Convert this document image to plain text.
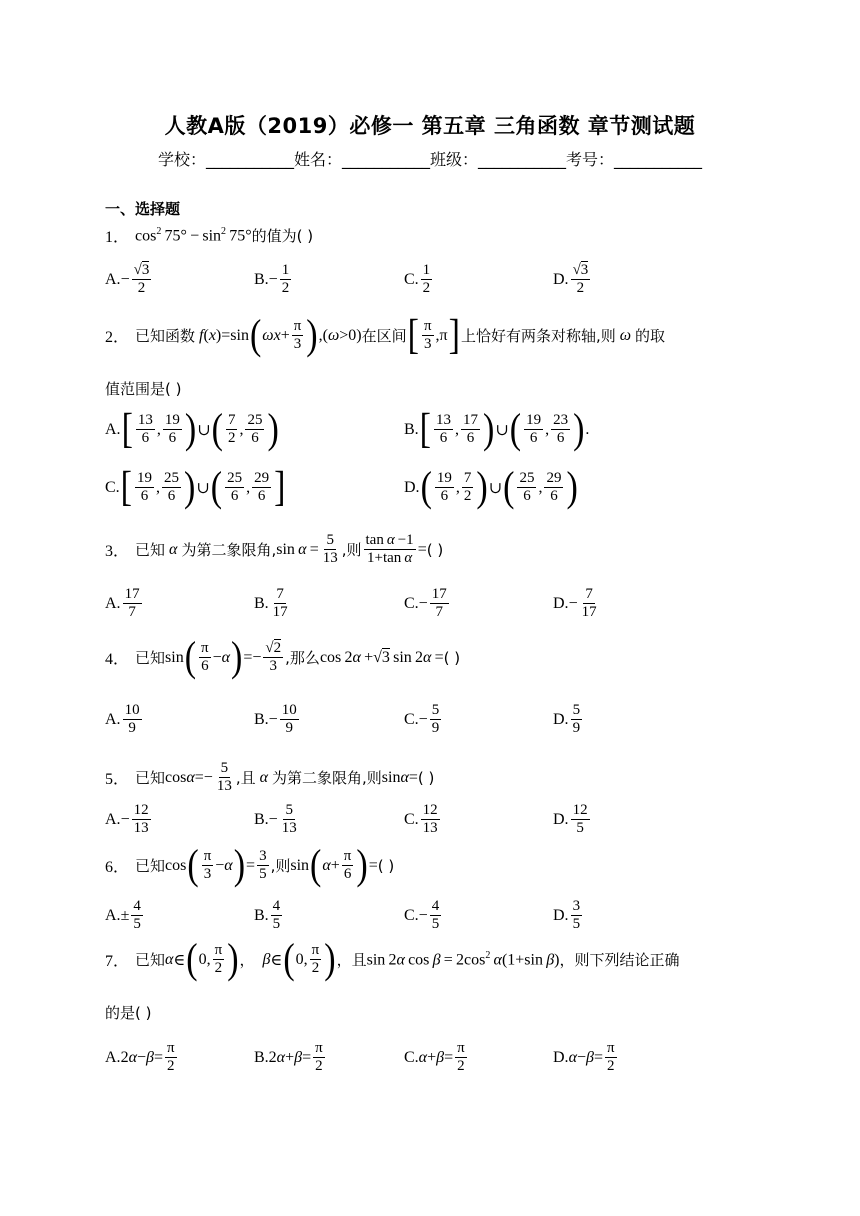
人教A版（2019）必修一 第五章 三角函数 章节测试题
学校：___________姓名：___________班级：___________考号：___________
一、选择题
1． $\cos^2 75^\circ - \sin^2 75^\circ$ 的值为( )
A. − $\frac{√3}{2}$	B. − $\frac{1}{2}$	C. $\frac{1}{2}$	D. $\frac{√3}{2}$
2． 已知函数 f(x)=sin ( $\omega x + \frac{\pi}{3}$ ) ,(ω>0) 在区间 [ $\frac{\pi}{3} ,\pi$ ] 上恰好有两条对称轴,则 ω 的取
值范围是( )
A. [ $\frac{13}{6}$ , $\frac{19}{6}$ ) ∪ ( $\frac{7}{2}$ , $\frac{25}{6}$ )	B. [ $\frac{13}{6}$ , $\frac{17}{6}$ ) ∪ ( $\frac{19}{6}$ , $\frac{23}{6}$ ) .
C. [ $\frac{19}{6}$ , $\frac{25}{6}$ ) ∪ ( $\frac{25}{6}$ , $\frac{29}{6}$ ]	D. ( $\frac{19}{6}$ , $\frac{7}{2}$ ) ∪ ( $\frac{25}{6}$ , $\frac{29}{6}$ )
3． 已知 α 为第二象限角, $\sin \alpha = \frac{5}{13}$ ,则 $\frac{\text{tan α −1}}{\text{1+tan α}}$ = ( )
A. $\frac{17}{7}$	B. $\frac{7}{17}$	C. − $\frac{17}{7}$	D. − $\frac{7}{17}$
4． 已知 sin ( $\frac{\pi}{6} - \alpha$ ) =− $\frac{√2}{3}$ ,那么 cos 2α +√3 sin 2α = ( )
A. $\frac{10}{9}$	B. − $\frac{10}{9}$	C. − $\frac{5}{9}$	D. $\frac{5}{9}$
5． 已知 $\cos\alpha=- \frac{5}{13}$ ,且 α 为第二象限角,则 sinα= ( )
A. − $\frac{12}{13}$	B. − $\frac{5}{13}$	C. $\frac{12}{13}$	D. $\frac{12}{5}$
6． 已知 cos ( $\frac{\pi}{3} - \alpha$ ) = $\frac{3}{5}$ ,则 sin ( $\alpha + \frac{\pi}{6}$ ) = ( )
A. ± $\frac{4}{5}$	B. $\frac{4}{5}$	C. − $\frac{4}{5}$	D. $\frac{3}{5}$
7． 已知 α ∈ ( 0, $\frac{\pi}{2}$ ) ， β ∈ ( 0, $\frac{\pi}{2}$ ) ，且 sin 2α $\cos \beta = 2\cos^2$  α(1+sin β) ，则下列结论正确
的是( )
A. 2 $\alpha - \beta = \frac{\pi}{2}$	B. 2 $\alpha + \beta = \frac{\pi}{2}$	C. $\alpha + \beta = \frac{\pi}{2}$	D. $\alpha - \beta = \frac{\pi}{2}$
